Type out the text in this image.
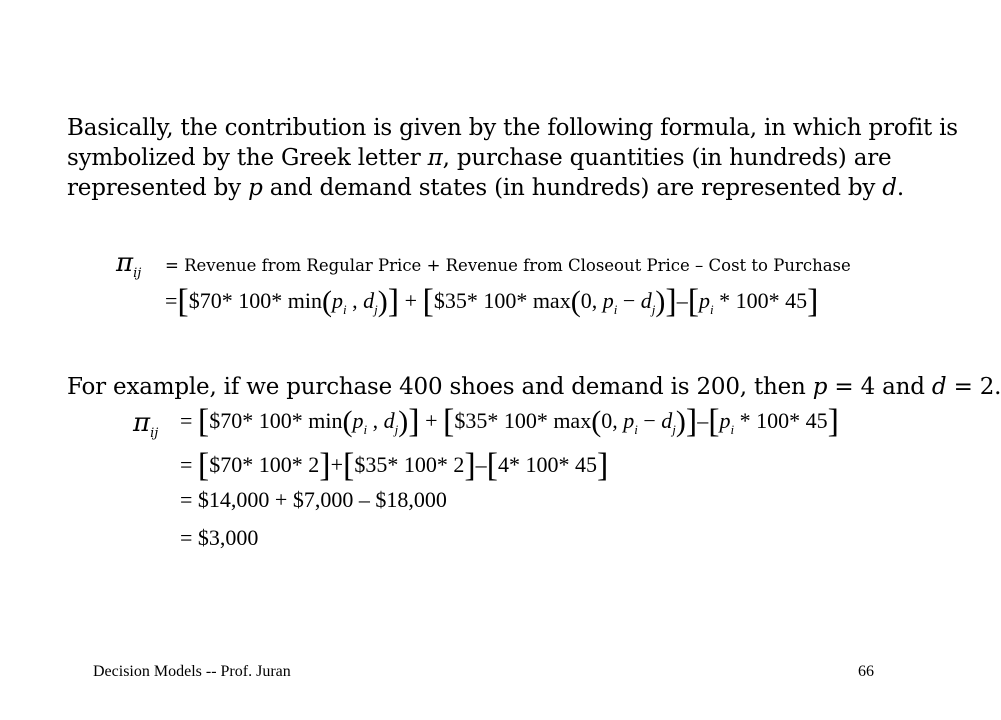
Basically, the contribution is given by the following formula, in which profit is
symbolized by the Greek letter π, purchase quantities (in hundreds) are
represented by p and demand states (in hundreds) are represented by d.
$\pi_{ij}$ = Revenue from Regular Price + Revenue from Closeout Price – Cost to Purchase
=[$70* 100* $\min(p_i$ , $d_j$)] + [$35* 100* max(0, $p_i - d_j)]-[p_i * 100*$ 45]
For example, if we purchase 400 shoes and demand is 200, then p = 4 and d = 2.
$\pi_{ij}$
= [$70* 100* $\min(p_i$ , $d_j$)] + [$35* 100* max(0, $p_i - d_j)]-[p_i * 100*$ 45]
= [$70* 100* 2]+[$35* 100* 2]–[4* 100* 45]
= $14,000 + $7,000 – $18,000
= $3,000
Decision Models -- Prof. Juran	66
